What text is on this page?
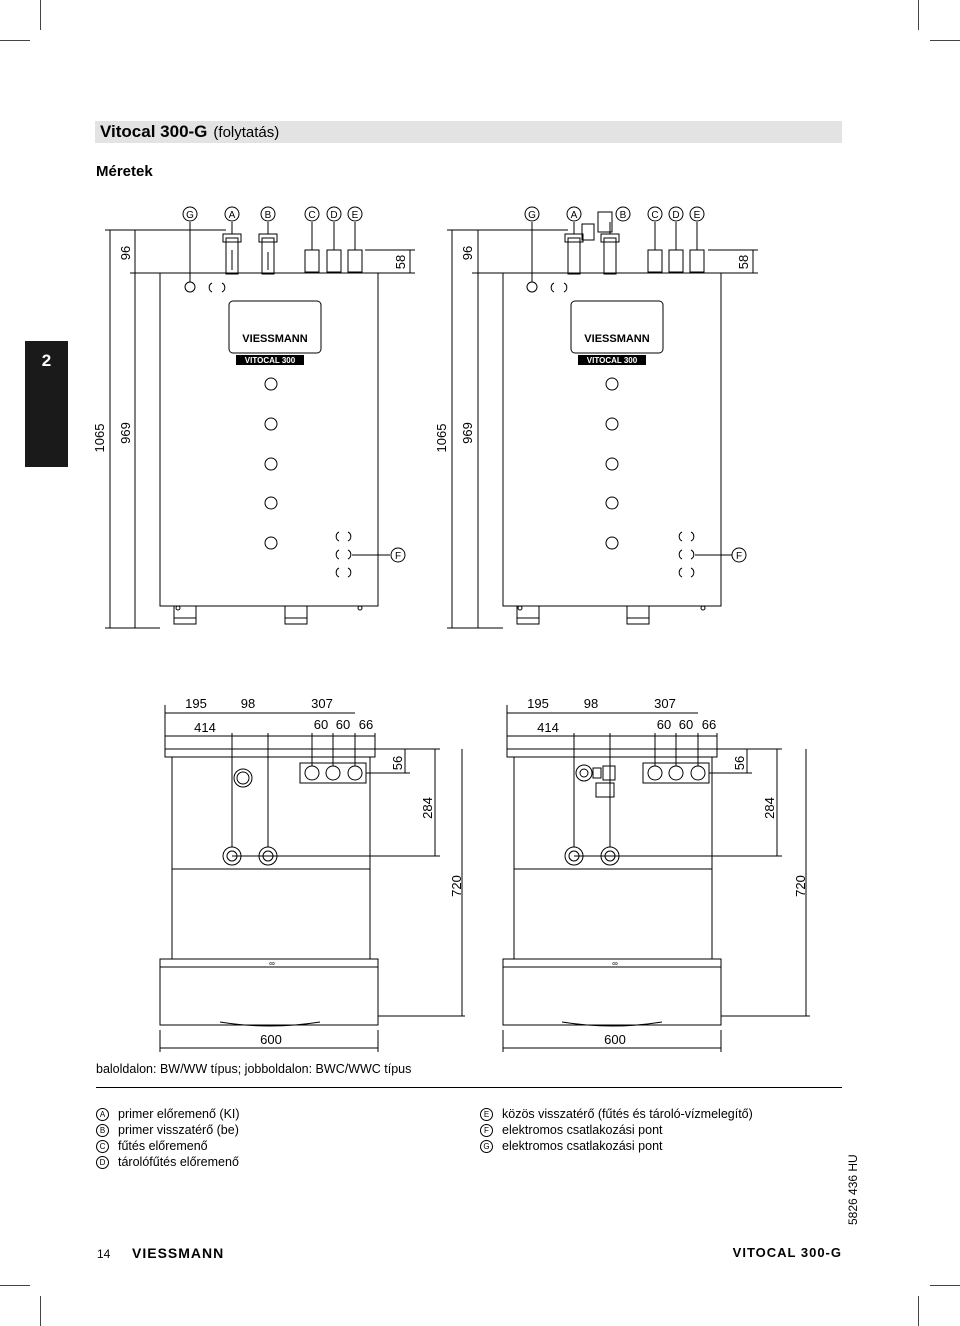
Vitocal 300-G (folytatás)
Méretek
2
VIESSMANN
VITOCAL 300
1065 969
96
58
VIESSMANN
VITOCAL 300
1065 969
96
58
G	A	B	C D E
F
G	A	B	C D E
F
∞
195	98	307
414	60 60 66
56
284
720
600
∞
195	98	307
414	60 60 66
56
284
720
600
baloldalon: BW/WW típus; jobboldalon: BWC/WWC típus
A	primer előremenő (KI)
B	primer visszatérő (be)
C fűtés előremenő
D tárolófűtés előremenő
E	közös visszatérő (fűtés és tároló-vízmelegítő)
F	elektromos csatlakozási pont
G elektromos csatlakozási pont
5826 436 HU
14 VIESSMANN	VITOCAL 300-G
